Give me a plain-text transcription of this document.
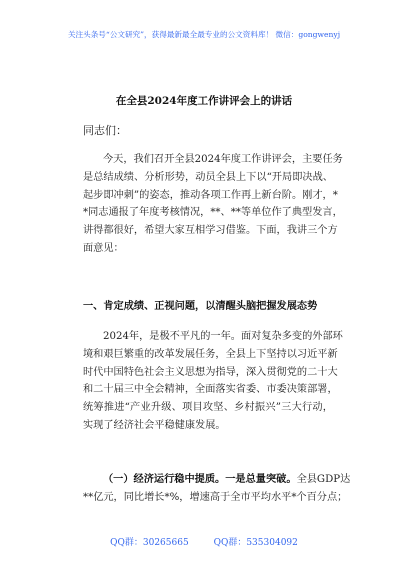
关注头条号“公文研究”，获得最新最全最专业的公文资料库！ 微信：gongwenyj
在全县2024年度工作讲评会上的讲话
同志们：
今天，我们召开全县2024年度工作讲评会，主要任务
是总结成绩、分析形势，动员全县上下以“开局即决战、
起步即冲刺”的姿态，推动各项工作再上新台阶。刚才，*
*同志通报了年度考核情况，**、**等单位作了典型发言，
讲得都很好，希望大家互相学习借鉴。下面，我讲三个方
面意见：
一、肯定成绩、正视问题，以清醒头脑把握发展态势
2024年，是极不平凡的一年。面对复杂多变的外部环
境和艰巨繁重的改革发展任务，全县上下坚持以习近平新
时代中国特色社会主义思想为指导，深入贯彻党的二十大
和二十届三中全会精神，全面落实省委、市委决策部署，
统筹推进“产业升级、项目攻坚、乡村振兴”三大行动，
实现了经济社会平稳健康发展。
（一）经济运行稳中提质。一是总量突破。全县GDP达
**亿元，同比增长*%，增速高于全市平均水平*个百分点；
QQ群：30265665	QQ群：535304092
